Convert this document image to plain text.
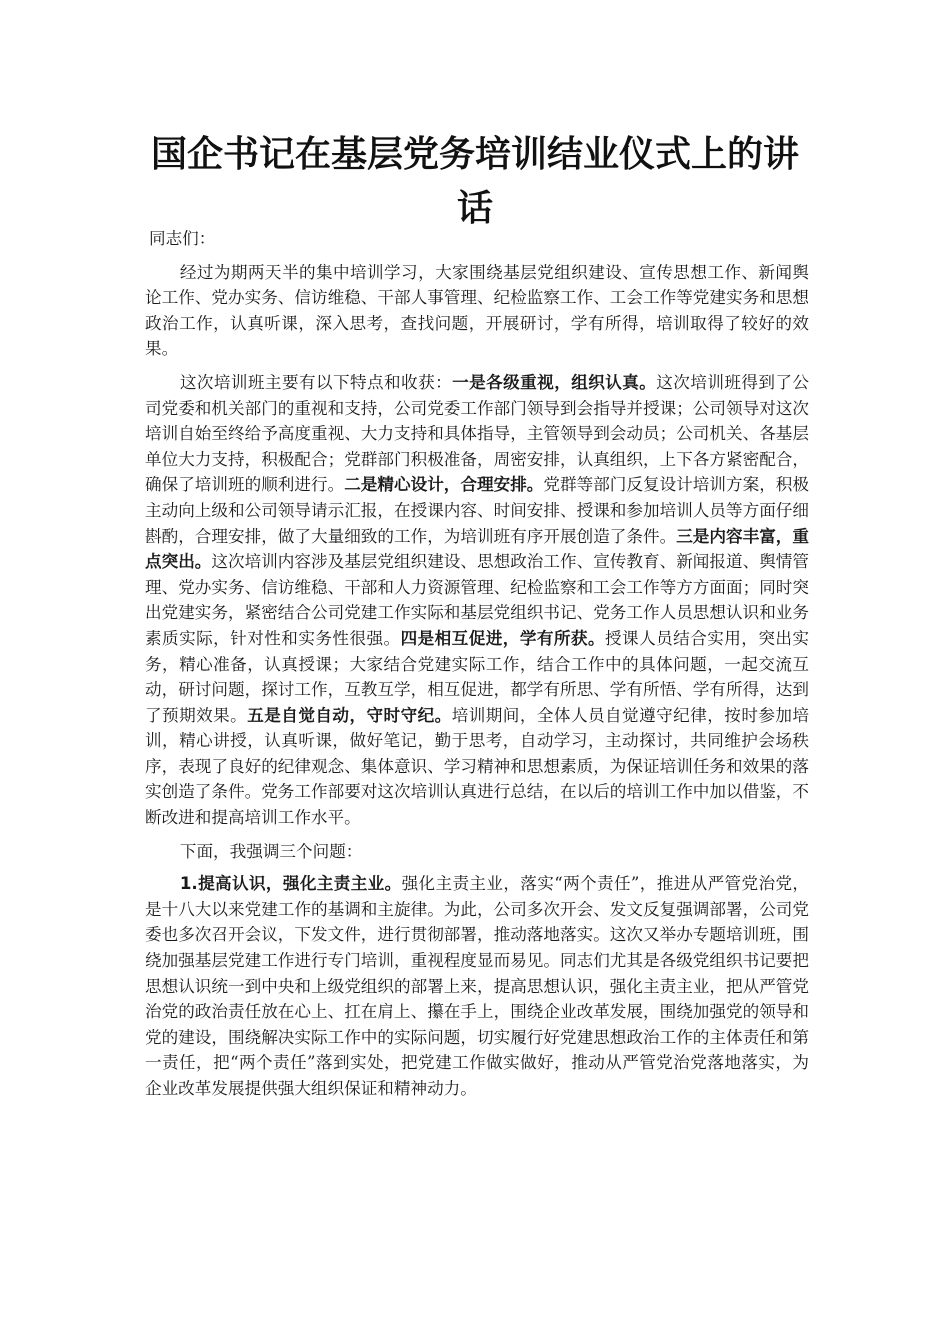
国企书记在基层党务培训结业仪式上的讲话

同志们：

经过为期两天半的集中培训学习，大家围绕基层党组织建设、宣传思想工作、新闻舆论工作、党办实务、信访维稳、干部人事管理、纪检监察工作、工会工作等党建实务和思想政治工作，认真听课，深入思考，查找问题，开展研讨，学有所得，培训取得了较好的效果。

这次培训班主要有以下特点和收获：一是各级重视，组织认真。这次培训班得到了公司党委和机关部门的重视和支持，公司党委工作部门领导到会指导并授课；公司领导对这次培训自始至终给予高度重视、大力支持和具体指导，主管领导到会动员；公司机关、各基层单位大力支持，积极配合；党群部门积极准备，周密安排，认真组织，上下各方紧密配合，确保了培训班的顺利进行。二是精心设计，合理安排。党群等部门反复设计培训方案，积极主动向上级和公司领导请示汇报，在授课内容、时间安排、授课和参加培训人员等方面仔细斟酌，合理安排，做了大量细致的工作，为培训班有序开展创造了条件。三是内容丰富，重点突出。这次培训内容涉及基层党组织建设、思想政治工作、宣传教育、新闻报道、舆情管理、党办实务、信访维稳、干部和人力资源管理、纪检监察和工会工作等方方面面；同时突出党建实务，紧密结合公司党建工作实际和基层党组织书记、党务工作人员思想认识和业务素质实际，针对性和实务性很强。四是相互促进，学有所获。授课人员结合实用，突出实务，精心准备，认真授课；大家结合党建实际工作，结合工作中的具体问题，一起交流互动，研讨问题，探讨工作，互教互学，相互促进，都学有所思、学有所悟、学有所得，达到了预期效果。五是自觉自动，守时守纪。培训期间，全体人员自觉遵守纪律，按时参加培训，精心讲授，认真听课，做好笔记，勤于思考，自动学习，主动探讨，共同维护会场秩序，表现了良好的纪律观念、集体意识、学习精神和思想素质，为保证培训任务和效果的落实创造了条件。党务工作部要对这次培训认真进行总结，在以后的培训工作中加以借鉴，不断改进和提高培训工作水平。

下面，我强调三个问题：

1.提高认识，强化主责主业。强化主责主业，落实“两个责任”，推进从严管党治党，是十八大以来党建工作的基调和主旋律。为此，公司多次开会、发文反复强调部署，公司党委也多次召开会议，下发文件，进行贯彻部署，推动落地落实。这次又举办专题培训班，围绕加强基层党建工作进行专门培训，重视程度显而易见。同志们尤其是各级党组织书记要把思想认识统一到中央和上级党组织的部署上来，提高思想认识，强化主责主业，把从严管党治党的政治责任放在心上、扛在肩上、攥在手上，围绕企业改革发展，围绕加强党的领导和党的建设，围绕解决实际工作中的实际问题，切实履行好党建思想政治工作的主体责任和第一责任，把“两个责任”落到实处，把党建工作做实做好，推动从严管党治党落地落实，为企业改革发展提供强大组织保证和精神动力。
